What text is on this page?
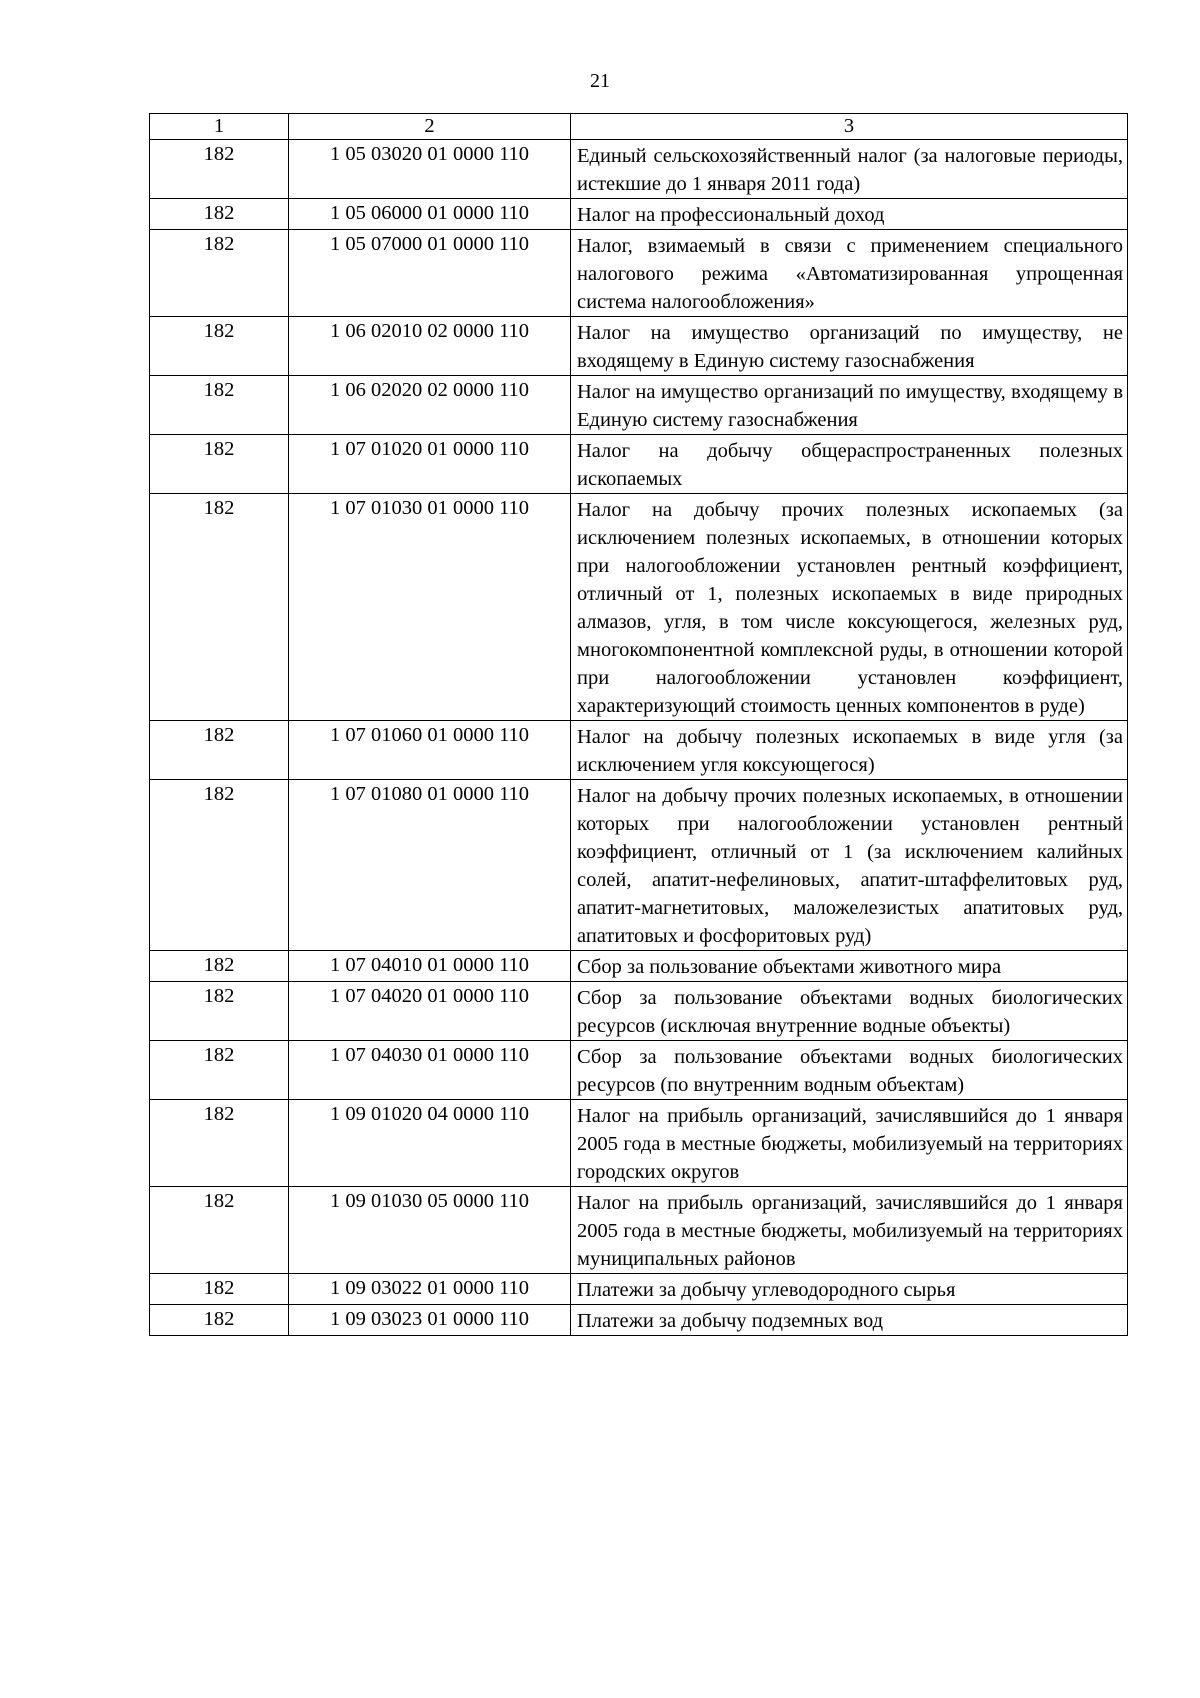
21
1	2	3
182	1 05 03020 01 0000 110	Единый сельскохозяйственный налог (за налоговые периоды, истекшие до 1 января 2011 года)
182	1 05 06000 01 0000 110	Налог на профессиональный доход
182	1 05 07000 01 0000 110	Налог, взимаемый в связи с применением специального налогового режима «Автоматизированная упрощенная система налогообложения»
182	1 06 02010 02 0000 110	Налог на имущество организаций по имуществу, не входящему в Единую систему газоснабжения
182	1 06 02020 02 0000 110	Налог на имущество организаций по имуществу, входящему в Единую систему газоснабжения
182	1 07 01020 01 0000 110	Налог на добычу общераспространенных полезных ископаемых
182	1 07 01030 01 0000 110	Налог на добычу прочих полезных ископаемых (за исключением полезных ископаемых, в отношении которых при налогообложении установлен рентный коэффициент, отличный от 1, полезных ископаемых в виде природных алмазов, угля, в том числе коксующегося, железных руд, многокомпонентной комплексной руды, в отношении которой при налогообложении установлен коэффициент, характеризующий стоимость ценных компонентов в руде)
182	1 07 01060 01 0000 110	Налог на добычу полезных ископаемых в виде угля (за исключением угля коксующегося)
182	1 07 01080 01 0000 110	Налог на добычу прочих полезных ископаемых, в отношении которых при налогообложении установлен рентный коэффициент, отличный от 1 (за исключением калийных солей, апатит-нефелиновых, апатит-штаффелитовых руд, апатит-магнетитовых, маложелезистых апатитовых руд, апатитовых и фосфоритовых руд)
182	1 07 04010 01 0000 110	Сбор за пользование объектами животного мира
182	1 07 04020 01 0000 110	Сбор за пользование объектами водных биологических ресурсов (исключая внутренние водные объекты)
182	1 07 04030 01 0000 110	Сбор за пользование объектами водных биологических ресурсов (по внутренним водным объектам)
182	1 09 01020 04 0000 110	Налог на прибыль организаций, зачислявшийся до 1 января 2005 года в местные бюджеты, мобилизуемый на территориях городских округов
182	1 09 01030 05 0000 110	Налог на прибыль организаций, зачислявшийся до 1 января 2005 года в местные бюджеты, мобилизуемый на территориях муниципальных районов
182	1 09 03022 01 0000 110	Платежи за добычу углеводородного сырья
182	1 09 03023 01 0000 110	Платежи за добычу подземных вод
